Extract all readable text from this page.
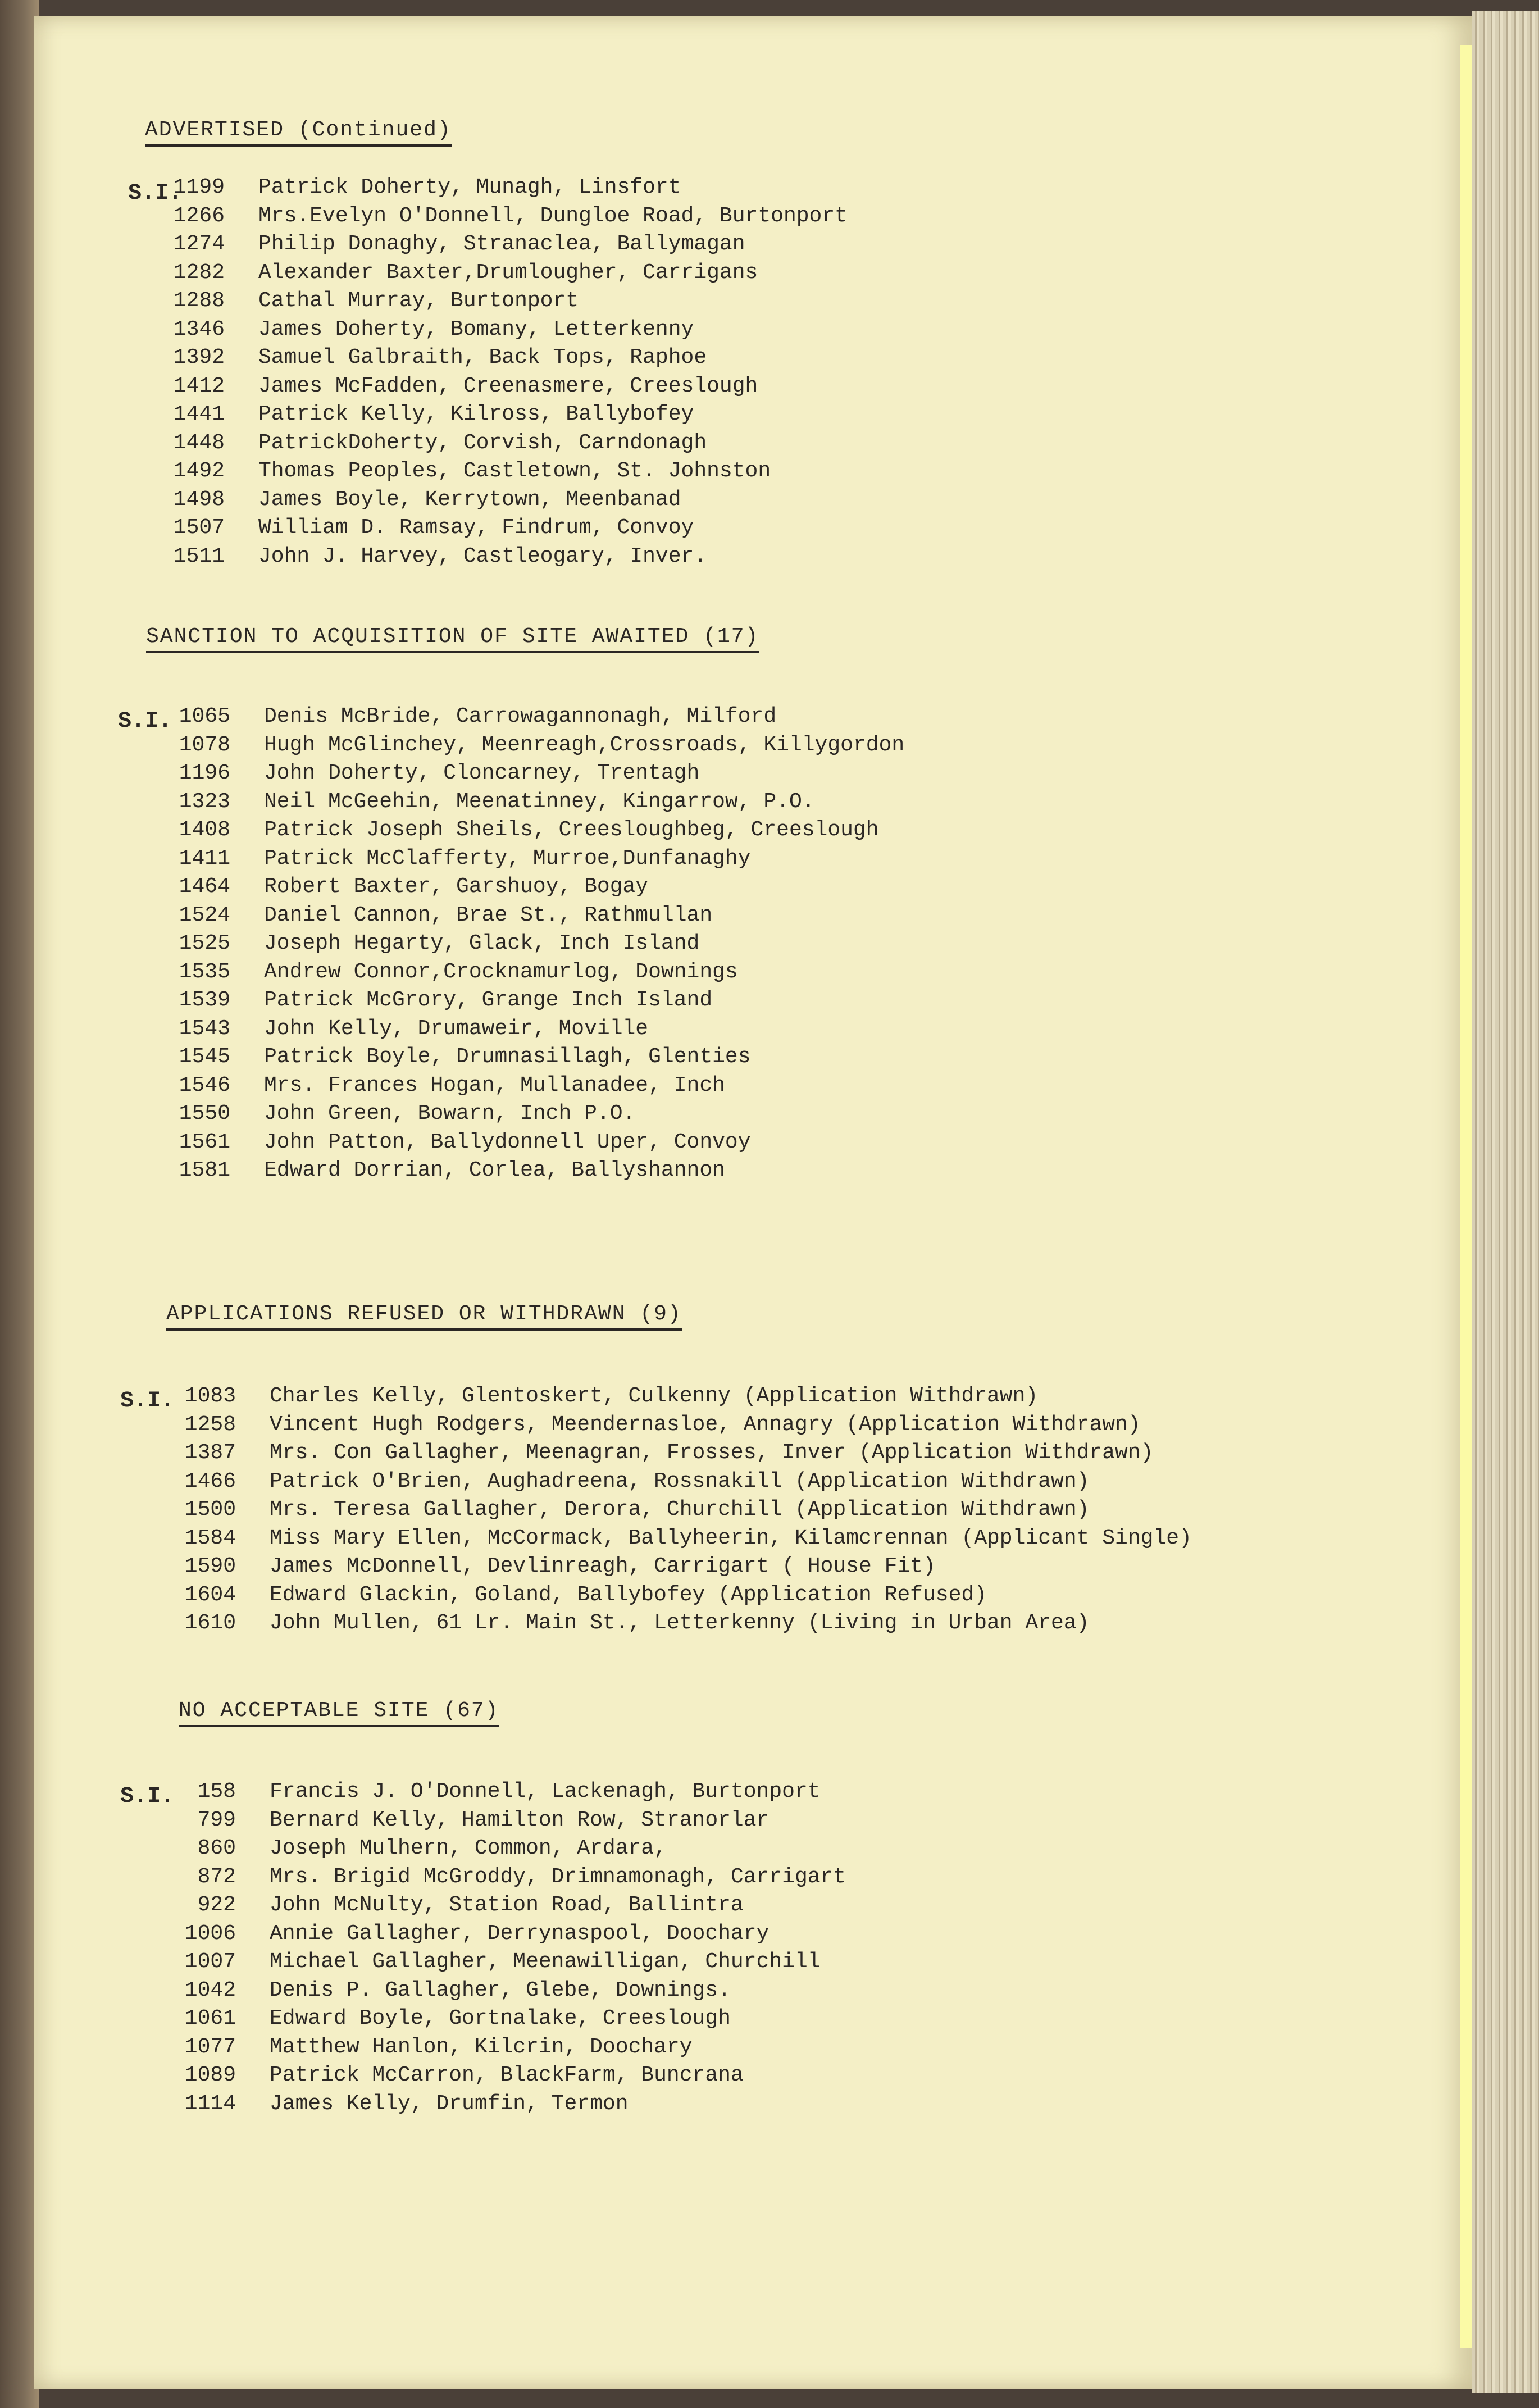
ADVERTISED (Continued)
S.I.
1199 Patrick Doherty, Munagh, Linsfort
1266 Mrs.Evelyn O'Donnell, Dungloe Road, Burtonport
1274 Philip Donaghy, Stranaclea, Ballymagan
1282 Alexander Baxter,Drumlougher, Carrigans
1288 Cathal Murray, Burtonport
1346 James Doherty, Bomany, Letterkenny
1392 Samuel Galbraith, Back Tops, Raphoe
1412 James McFadden, Creenasmere, Creeslough
1441 Patrick Kelly, Kilross, Ballybofey
1448 PatrickDoherty, Corvish, Carndonagh
1492 Thomas Peoples, Castletown, St. Johnston
1498 James Boyle, Kerrytown, Meenbanad
1507 William D. Ramsay, Findrum, Convoy
1511 John J. Harvey, Castleogary, Inver.
SANCTION TO ACQUISITION OF SITE AWAITED (17)
S.I. 1065 Denis McBride, Carrowagannonagh, Milford
1078 Hugh McGlinchey, Meenreagh,Crossroads, Killygordon
1196 John Doherty, Cloncarney, Trentagh
1323 Neil McGeehin, Meenatinney, Kingarrow, P.O.
1408 Patrick Joseph Sheils, Creesloughbeg, Creeslough
1411 Patrick McClafferty, Murroe,Dunfanaghy
1464 Robert Baxter, Garshuoy, Bogay
1524 Daniel Cannon, Brae St., Rathmullan
1525 Joseph Hegarty, Glack, Inch Island
1535 Andrew Connor,Crocknamurlog, Downings
1539 Patrick McGrory, Grange Inch Island
1543 John Kelly, Drumaweir, Moville
1545 Patrick Boyle, Drumnasillagh, Glenties
1546 Mrs. Frances Hogan, Mullanadee, Inch
1550 John Green, Bowarn, Inch P.O.
1561 John Patton, Ballydonnell Uper, Convoy
1581 Edward Dorrian, Corlea, Ballyshannon
APPLICATIONS REFUSED OR WITHDRAWN (9)
S.I. 1083 Charles Kelly, Glentoskert, Culkenny (Application Withdrawn)
1258 Vincent Hugh Rodgers, Meendernasloe, Annagry (Application Withdrawn)
1387 Mrs. Con Gallagher, Meenagran, Frosses, Inver (Application Withdrawn)
1466 Patrick O'Brien, Aughadreena, Rossnakill (Application Withdrawn)
1500 Mrs. Teresa Gallagher, Derora, Churchill (Application Withdrawn)
1584 Miss Mary Ellen, McCormack, Ballyheerin, Kilamcrennan (Applicant Single)
1590 James McDonnell, Devlinreagh, Carrigart ( House Fit)
1604 Edward Glackin, Goland, Ballybofey (Application Refused)
1610 John Mullen, 61 Lr. Main St., Letterkenny (Living in Urban Area)
NO ACCEPTABLE SITE (67)
S.I.	158 Francis J. O'Donnell, Lackenagh, Burtonport
799 Bernard Kelly, Hamilton Row, Stranorlar
860 Joseph Mulhern, Common, Ardara,
872 Mrs. Brigid McGroddy, Drimnamonagh, Carrigart
922 John McNulty, Station Road, Ballintra
1006 Annie Gallagher, Derrynaspool, Doochary
1007 Michael Gallagher, Meenawilligan, Churchill
1042 Denis P. Gallagher, Glebe, Downings.
1061 Edward Boyle, Gortnalake, Creeslough
1077 Matthew Hanlon, Kilcrin, Doochary
1089 Patrick McCarron, BlackFarm, Buncrana
1114 James Kelly, Drumfin, Termon
